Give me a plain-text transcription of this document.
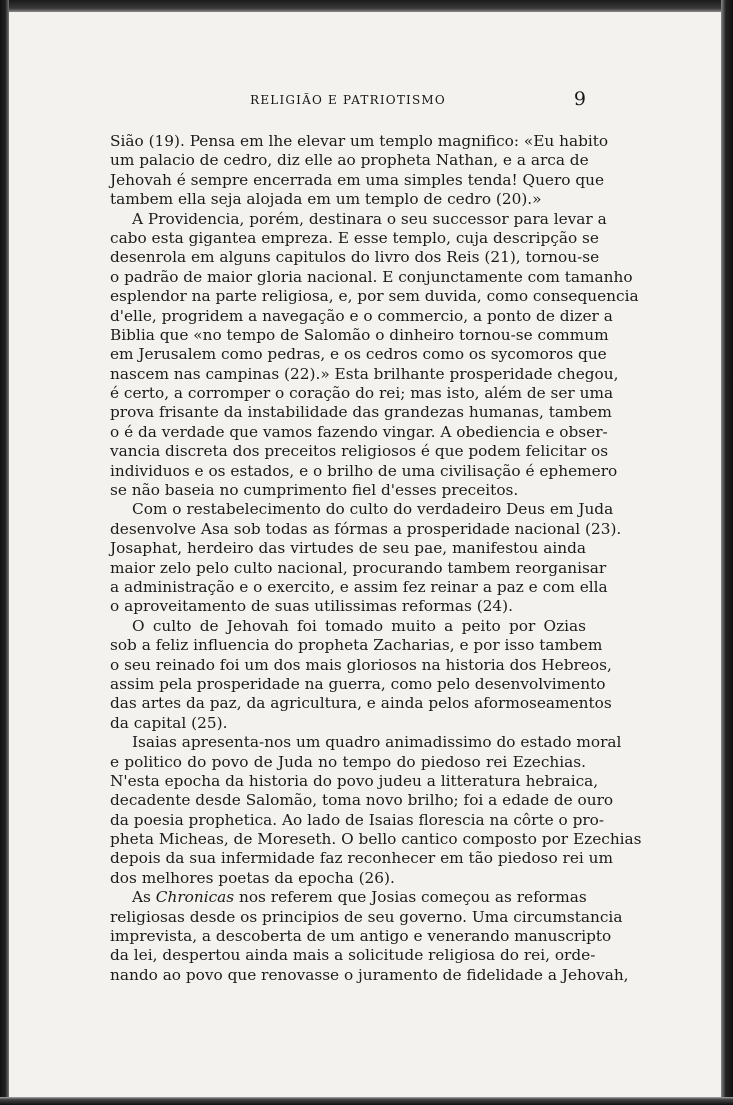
RELIGIÃO E PATRIOTISMO	9
Sião (19). Pensa em lhe elevar um templo magnifico: «Eu habito
um palacio de cedro, diz elle ao propheta Nathan, e a arca de
Jehovah é sempre encerrada em uma simples tenda! Quero que
tambem ella seja alojada em um templo de cedro (20).»
A Providencia, porém, destinara o seu successor para levar a
cabo esta gigantea empreza. E esse templo, cuja descripção se
desenrola em alguns capitulos do livro dos Reis (21), tornou-se
o padrão de maior gloria nacional. E conjunctamente com tamanho
esplendor na parte religiosa, e, por sem duvida, como consequencia
d'elle, progridem a navegação e o commercio, a ponto de dizer a
Biblia que «no tempo de Salomão o dinheiro tornou-se commum
em Jerusalem como pedras, e os cedros como os sycomoros que
nascem nas campinas (22).» Esta brilhante prosperidade chegou,
é certo, a corromper o coração do rei; mas isto, além de ser uma
prova frisante da instabilidade das grandezas humanas, tambem
o é da verdade que vamos fazendo vingar. A obediencia e obser-
vancia discreta dos preceitos religiosos é que podem felicitar os
individuos e os estados, e o brilho de uma civilisação é ephemero
se não baseia no cumprimento fiel d'esses preceitos.
Com o restabelecimento do culto do verdadeiro Deus em Juda
desenvolve Asa sob todas as fórmas a prosperidade nacional (23).
Josaphat, herdeiro das virtudes de seu pae, manifestou ainda
maior zelo pelo culto nacional, procurando tambem reorganisar
a administração e o exercito, e assim fez reinar a paz e com ella
o aproveitamento de suas utilissimas reformas (24).
O culto de Jehovah foi tomado muito a peito por Ozias
sob a feliz influencia do propheta Zacharias, e por isso tambem
o seu reinado foi um dos mais gloriosos na historia dos Hebreos,
assim pela prosperidade na guerra, como pelo desenvolvimento
das artes da paz, da agricultura, e ainda pelos aformoseamentos
da capital (25).
Isaias apresenta-nos um quadro animadissimo do estado moral
e politico do povo de Juda no tempo do piedoso rei Ezechias.
N'esta epocha da historia do povo judeu a litteratura hebraica,
decadente desde Salomão, toma novo brilho; foi a edade de ouro
da poesia prophetica. Ao lado de Isaias florescia na côrte o pro-
pheta Micheas, de Moreseth. O bello cantico composto por Ezechias
depois da sua infermidade faz reconhecer em tão piedoso rei um
dos melhores poetas da epocha (26).
As Chronicas nos referem que Josias começou as reformas
religiosas desde os principios de seu governo. Uma circumstancia
imprevista, a descoberta de um antigo e venerando manuscripto
da lei, despertou ainda mais a solicitude religiosa do rei, orde-
nando ao povo que renovasse o juramento de fidelidade a Jehovah,
